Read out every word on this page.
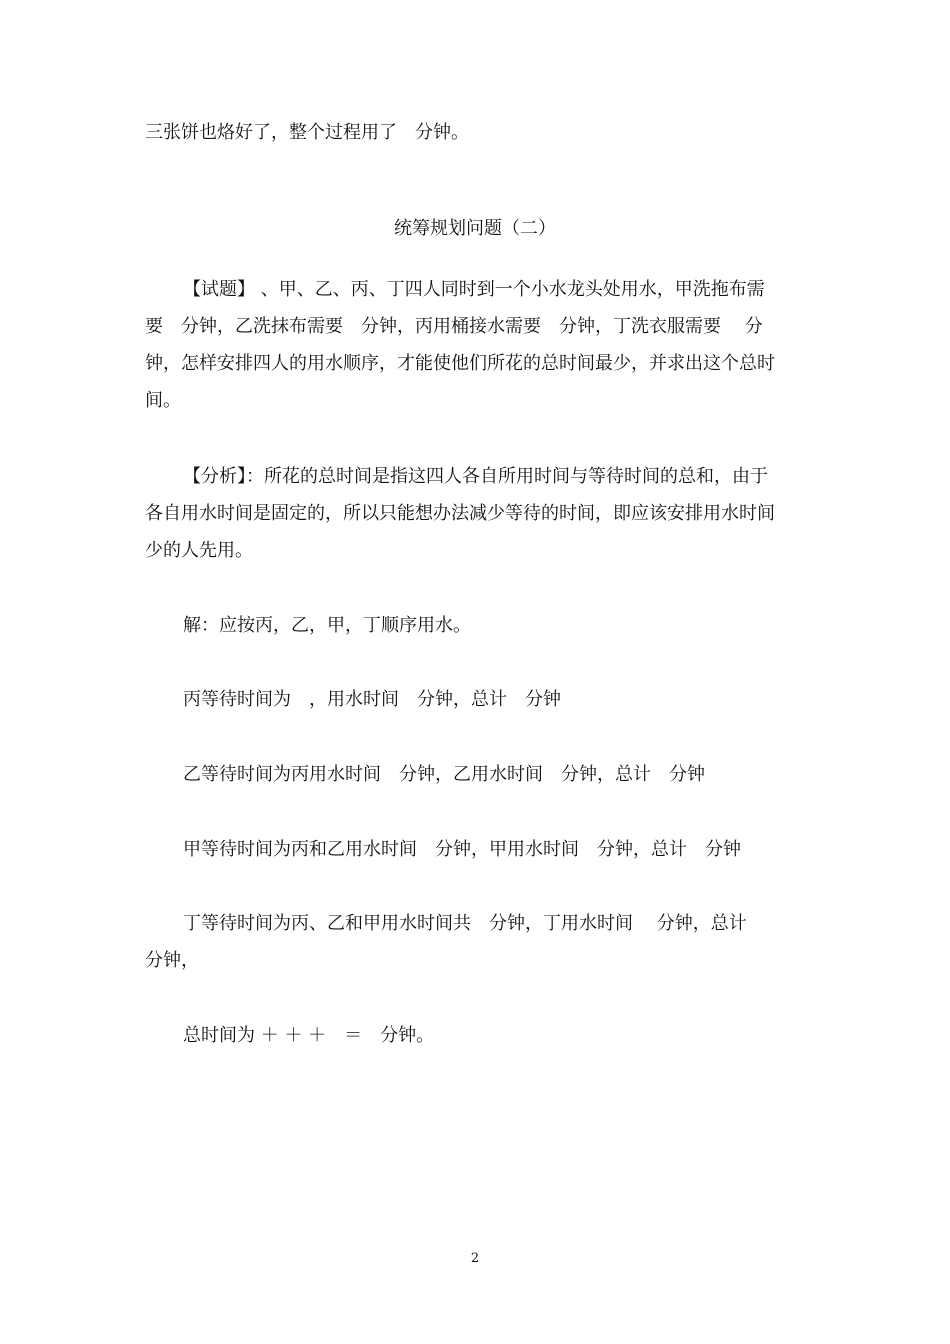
三张饼也烙好了，整个过程用了　分钟。

统筹规划问题（二）

【试题】 、甲、乙、丙、丁四人同时到一个小水龙头处用水，甲洗拖布需

要　分钟，乙洗抹布需要　分钟，丙用桶接水需要　分钟，丁洗衣服需要　 分

钟，怎样安排四人的用水顺序，才能使他们所花的总时间最少，并求出这个总时

间。

【分析】：所花的总时间是指这四人各自所用时间与等待时间的总和，由于

各自用水时间是固定的，所以只能想办法减少等待的时间，即应该安排用水时间

少的人先用。

解：应按丙，乙，甲，丁顺序用水。

丙等待时间为　，用水时间　分钟，总计　分钟

乙等待时间为丙用水时间　分钟，乙用水时间　分钟，总计　分钟

甲等待时间为丙和乙用水时间　分钟，甲用水时间　分钟，总计　分钟

丁等待时间为丙、乙和甲用水时间共　分钟，丁用水时间　 分钟，总计

分钟，

总时间为 ＋ ＋ ＋　＝　分钟。

2
